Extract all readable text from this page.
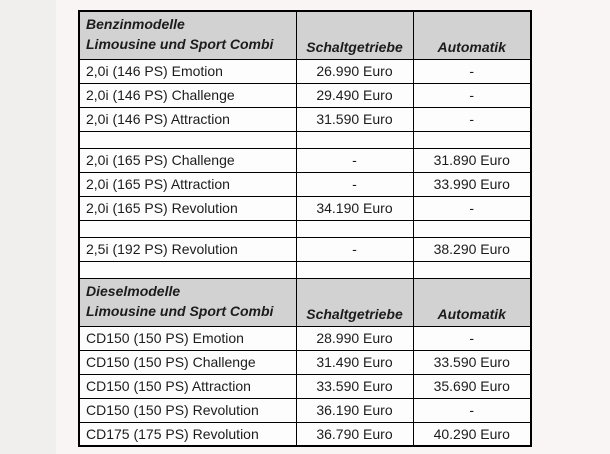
Benzinmodelle
Limousine und Sport Combi	Schaltgetriebe	Automatik
2,0i (146 PS) Emotion	26.990 Euro	-
2,0i (146 PS) Challenge	29.490 Euro	-
2,0i (146 PS) Attraction	31.590 Euro	-

2,0i (165 PS) Challenge	-	31.890 Euro
2,0i (165 PS) Attraction	-	33.990 Euro
2,0i (165 PS) Revolution	34.190 Euro	-

2,5i (192 PS) Revolution	-	38.290 Euro

Dieselmodelle
Limousine und Sport Combi	Schaltgetriebe	Automatik
CD150 (150 PS) Emotion	28.990 Euro	-
CD150 (150 PS) Challenge	31.490 Euro	33.590 Euro
CD150 (150 PS) Attraction	33.590 Euro	35.690 Euro
CD150 (150 PS) Revolution	36.190 Euro	-
CD175 (175 PS) Revolution	36.790 Euro	40.290 Euro
